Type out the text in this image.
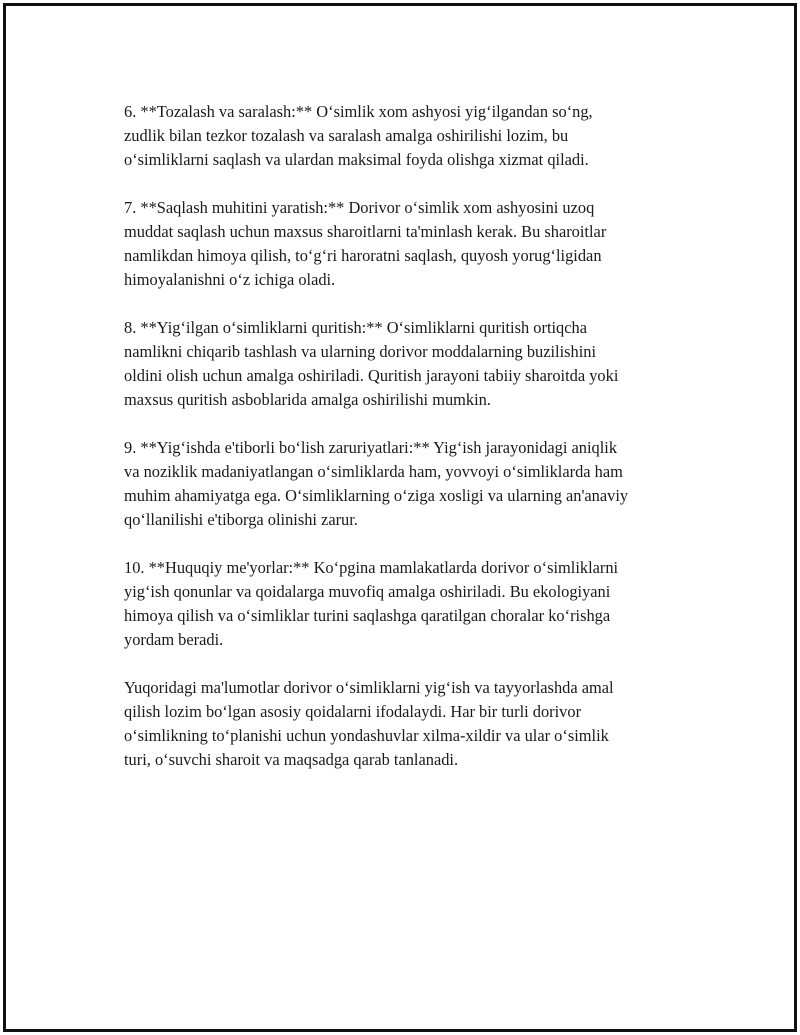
6. **Tozalash va saralash:** O‘simlik xom ashyosi yig‘ilgandan so‘ng,
zudlik bilan tezkor tozalash va saralash amalga oshirilishi lozim, bu
o‘simliklarni saqlash va ulardan maksimal foyda olishga xizmat qiladi.

7. **Saqlash muhitini yaratish:** Dorivor o‘simlik xom ashyosini uzoq
muddat saqlash uchun maxsus sharoitlarni ta'minlash kerak. Bu sharoitlar
namlikdan himoya qilish, to‘g‘ri haroratni saqlash, quyosh yorug‘ligidan
himoyalanishni o‘z ichiga oladi.

8. **Yig‘ilgan o‘simliklarni quritish:** O‘simliklarni quritish ortiqcha
namlikni chiqarib tashlash va ularning dorivor moddalarning buzilishini
oldini olish uchun amalga oshiriladi. Quritish jarayoni tabiiy sharoitda yoki
maxsus quritish asboblarida amalga oshirilishi mumkin.

9. **Yig‘ishda e'tiborli bo‘lish zaruriyatlari:** Yig‘ish jarayonidagi aniqlik
va noziklik madaniyatlangan o‘simliklarda ham, yovvoyi o‘simliklarda ham
muhim ahamiyatga ega. O‘simliklarning o‘ziga xosligi va ularning an'anaviy
qo‘llanilishi e'tiborga olinishi zarur.

10. **Huquqiy me'yorlar:** Ko‘pgina mamlakatlarda dorivor o‘simliklarni
yig‘ish qonunlar va qoidalarga muvofiq amalga oshiriladi. Bu ekologiyani
himoya qilish va o‘simliklar turini saqlashga qaratilgan choralar ko‘rishga
yordam beradi.

Yuqoridagi ma'lumotlar dorivor o‘simliklarni yig‘ish va tayyorlashda amal
qilish lozim bo‘lgan asosiy qoidalarni ifodalaydi. Har bir turli dorivor
o‘simlikning to‘planishi uchun yondashuvlar xilma-xildir va ular o‘simlik
turi, o‘suvchi sharoit va maqsadga qarab tanlanadi.
